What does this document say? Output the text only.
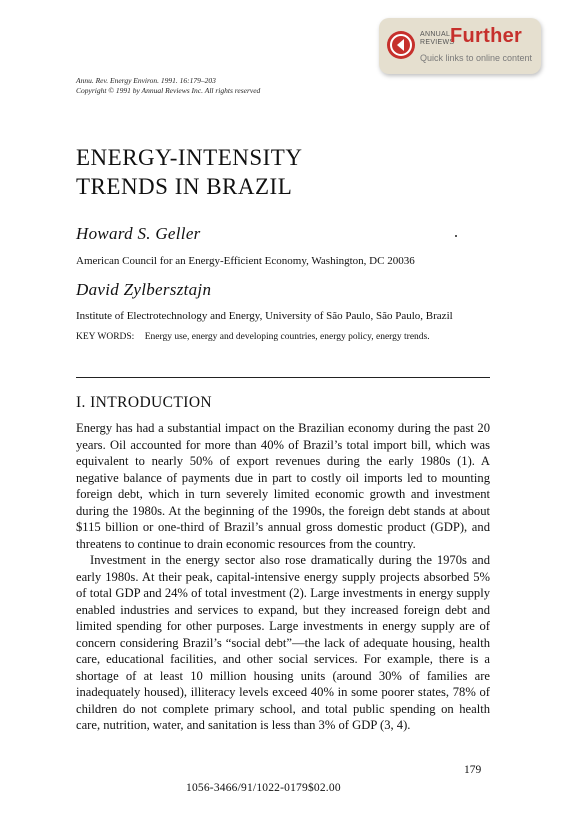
ANNUAL
REVIEWS
Further
Quick links to online content
Annu. Rev. Energy Environ. 1991. 16:179–203
Copyright © 1991 by Annual Reviews Inc. All rights reserved
ENERGY-INTENSITY
TRENDS IN BRAZIL
Howard S. Geller
American Council for an Energy-Efficient Economy, Washington, DC 20036
David Zylbersztajn
Institute of Electrotechnology and Energy, University of São Paulo, São Paulo, Brazil
KEY WORDS: Energy use, energy and developing countries, energy policy, energy trends.
I. INTRODUCTION

Energy has had a substantial impact on the Brazilian economy during the past 20 years. Oil accounted for more than 40% of Brazil’s total import bill, which was equivalent to nearly 50% of export revenues during the early 1980s (1). A negative balance of payments due in part to costly oil imports led to mounting foreign debt, which in turn severely limited economic growth and investment during the 1980s. At the beginning of the 1990s, the foreign debt stands at about $115 billion or one-third of Brazil’s annual gross domestic product (GDP), and threatens to continue to drain economic resources from the country.

Investment in the energy sector also rose dramatically during the 1970s and early 1980s. At their peak, capital-intensive energy supply projects absorbed 5% of total GDP and 24% of total investment (2). Large investments in energy supply enabled industries and services to expand, but they increased foreign debt and limited spending for other purposes. Large investments in energy supply are of concern considering Brazil’s “social debt”—the lack of adequate housing, health care, educational facilities, and other social services. For example, there is a shortage of at least 10 million housing units (around 30% of families are inadequately housed), illiteracy levels exceed 40% in some poorer states, 78% of children do not complete primary school, and total public spending on health care, nutrition, water, and sanitation is less than 3% of GDP (3, 4).

179
1056-3466/91/1022-0179$02.00
